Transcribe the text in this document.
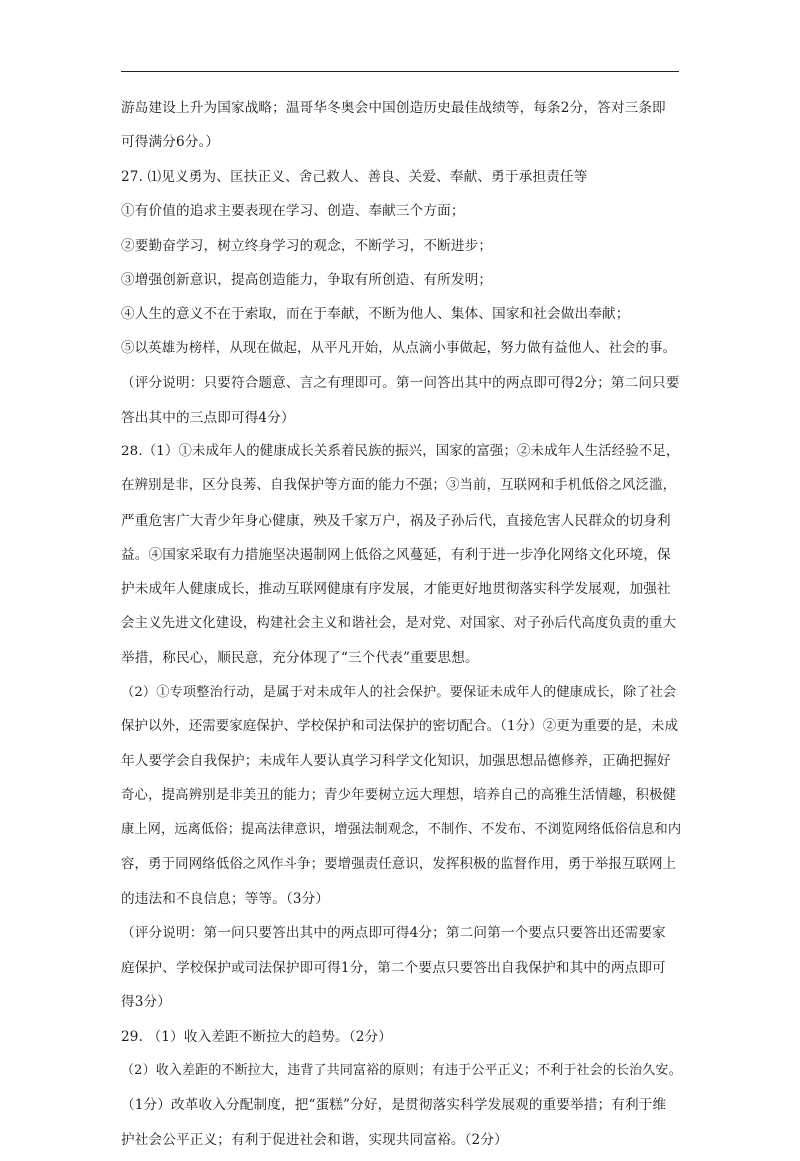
游岛建设上升为国家战略；温哥华冬奥会中国创造历史最佳战绩等，每条2分，答对三条即
可得满分6分。）
27. ⑴见义勇为、匡扶正义、舍己救人、善良、关爱、奉献、勇于承担责任等
①有价值的追求主要表现在学习、创造、奉献三个方面；
②要勤奋学习，树立终身学习的观念，不断学习，不断进步；
③增强创新意识，提高创造能力，争取有所创造、有所发明；
④人生的意义不在于索取，而在于奉献，不断为他人、集体、国家和社会做出奉献；
⑤以英雄为榜样，从现在做起，从平凡开始，从点滴小事做起，努力做有益他人、社会的事。
（评分说明：只要符合题意、言之有理即可。第一问答出其中的两点即可得2分；第二问只要
答出其中的三点即可得4分）
28.（1）①未成年人的健康成长关系着民族的振兴，国家的富强；②未成年人生活经验不足，
在辨别是非，区分良莠、自我保护等方面的能力不强；③当前，互联网和手机低俗之风泛滥，
严重危害广大青少年身心健康，殃及千家万户，祸及子孙后代，直接危害人民群众的切身利
益。④国家采取有力措施坚决遏制网上低俗之风蔓延，有利于进一步净化网络文化环境，保
护未成年人健康成长，推动互联网健康有序发展，才能更好地贯彻落实科学发展观，加强社
会主义先进文化建设，构建社会主义和谐社会，是对党、对国家、对子孙后代高度负责的重大
举措，称民心，顺民意，充分体现了“三个代表”重要思想。
（2）①专项整治行动，是属于对未成年人的社会保护。要保证未成年人的健康成长，除了社会
保护以外，还需要家庭保护、学校保护和司法保护的密切配合。（1分）②更为重要的是，未成
年人要学会自我保护；未成年人要认真学习科学文化知识，加强思想品德修养，正确把握好
奇心，提高辨别是非美丑的能力；青少年要树立远大理想，培养自己的高雅生活情趣，积极健
康上网，远离低俗；提高法律意识，增强法制观念，不制作、不发布、不浏览网络低俗信息和内
容，勇于同网络低俗之风作斗争；要增强责任意识，发挥积极的监督作用，勇于举报互联网上
的违法和不良信息；等等。（3分）
（评分说明：第一问只要答出其中的两点即可得4分；第二问第一个要点只要答出还需要家
庭保护、学校保护或司法保护即可得1分，第二个要点只要答出自我保护和其中的两点即可
得3分）
29. （1）收入差距不断拉大的趋势。（2分）
（2）收入差距的不断拉大，违背了共同富裕的原则；有违于公平正义；不利于社会的长治久安。
（1分）改革收入分配制度，把“蛋糕”分好，是贯彻落实科学发展观的重要举措；有利于维
护社会公平正义；有利于促进社会和谐，实现共同富裕。（2分）
